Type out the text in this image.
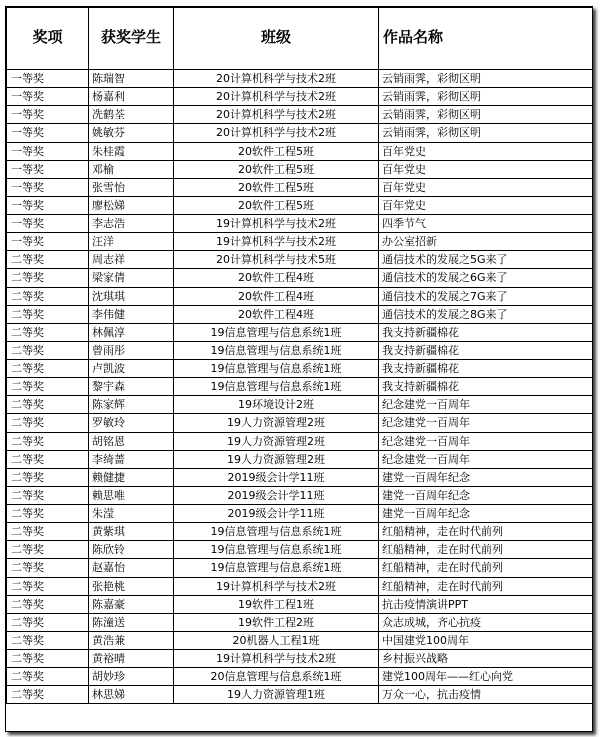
奖项	获奖学生	班级	作品名称
一等奖	陈瑞智	20计算机科学与技术2班	云销雨霁，彩彻区明
一等奖	杨嘉利	20计算机科学与技术2班	云销雨霁，彩彻区明
一等奖	冼鹤荃	20计算机科学与技术2班	云销雨霁，彩彻区明
一等奖	姚敏芬	20计算机科学与技术2班	云销雨霁，彩彻区明
一等奖	朱桂霞	20软件工程5班	百年党史
一等奖	邓榆	20软件工程5班	百年党史
一等奖	张雪怡	20软件工程5班	百年党史
一等奖	廖松娣	20软件工程5班	百年党史
一等奖	李志浩	19计算机科学与技术2班	四季节气
一等奖	汪洋	19计算机科学与技术2班	办公室招新
二等奖	周志祥	20计算机科学与技术5班	通信技术的发展之5G来了
二等奖	梁家倩	20软件工程4班	通信技术的发展之6G来了
二等奖	沈琪琪	20软件工程4班	通信技术的发展之7G来了
二等奖	李伟健	20软件工程4班	通信技术的发展之8G来了
二等奖	林佩淳	19信息管理与信息系统1班	我支持新疆棉花
二等奖	曾雨彤	19信息管理与信息系统1班	我支持新疆棉花
二等奖	卢凯波	19信息管理与信息系统1班	我支持新疆棉花
二等奖	黎宇森	19信息管理与信息系统1班	我支持新疆棉花
二等奖	陈家辉	19环境设计2班	纪念建党一百周年
二等奖	罗敏玲	19人力资源管理2班	纪念建党一百周年
二等奖	胡铭恩	19人力资源管理2班	纪念建党一百周年
二等奖	李绮蔷	19人力资源管理2班	纪念建党一百周年
二等奖	赖健捷	2019级会计学11班	建党一百周年纪念
二等奖	赖思唯	2019级会计学11班	建党一百周年纪念
二等奖	朱滢	2019级会计学11班	建党一百周年纪念
二等奖	黄紫琪	19信息管理与信息系统1班	红船精神，走在时代前列
二等奖	陈欣铃	19信息管理与信息系统1班	红船精神，走在时代前列
二等奖	赵嘉怡	19信息管理与信息系统1班	红船精神，走在时代前列
二等奖	张艳桃	19计算机科学与技术2班	红船精神，走在时代前列
二等奖	陈嘉豪	19软件工程1班	抗击疫情演讲PPT
二等奖	陈潼送	19软件工程2班	众志成城，齐心抗疫
二等奖	黄浩兼	20机器人工程1班	中国建党100周年
二等奖	黄裕晴	19计算机科学与技术2班	乡村振兴战略
二等奖	胡妙珍	20信息管理与信息系统1班	建党100周年——红心向党
二等奖	林思娣	19人力资源管理1班	万众一心，抗击疫情
